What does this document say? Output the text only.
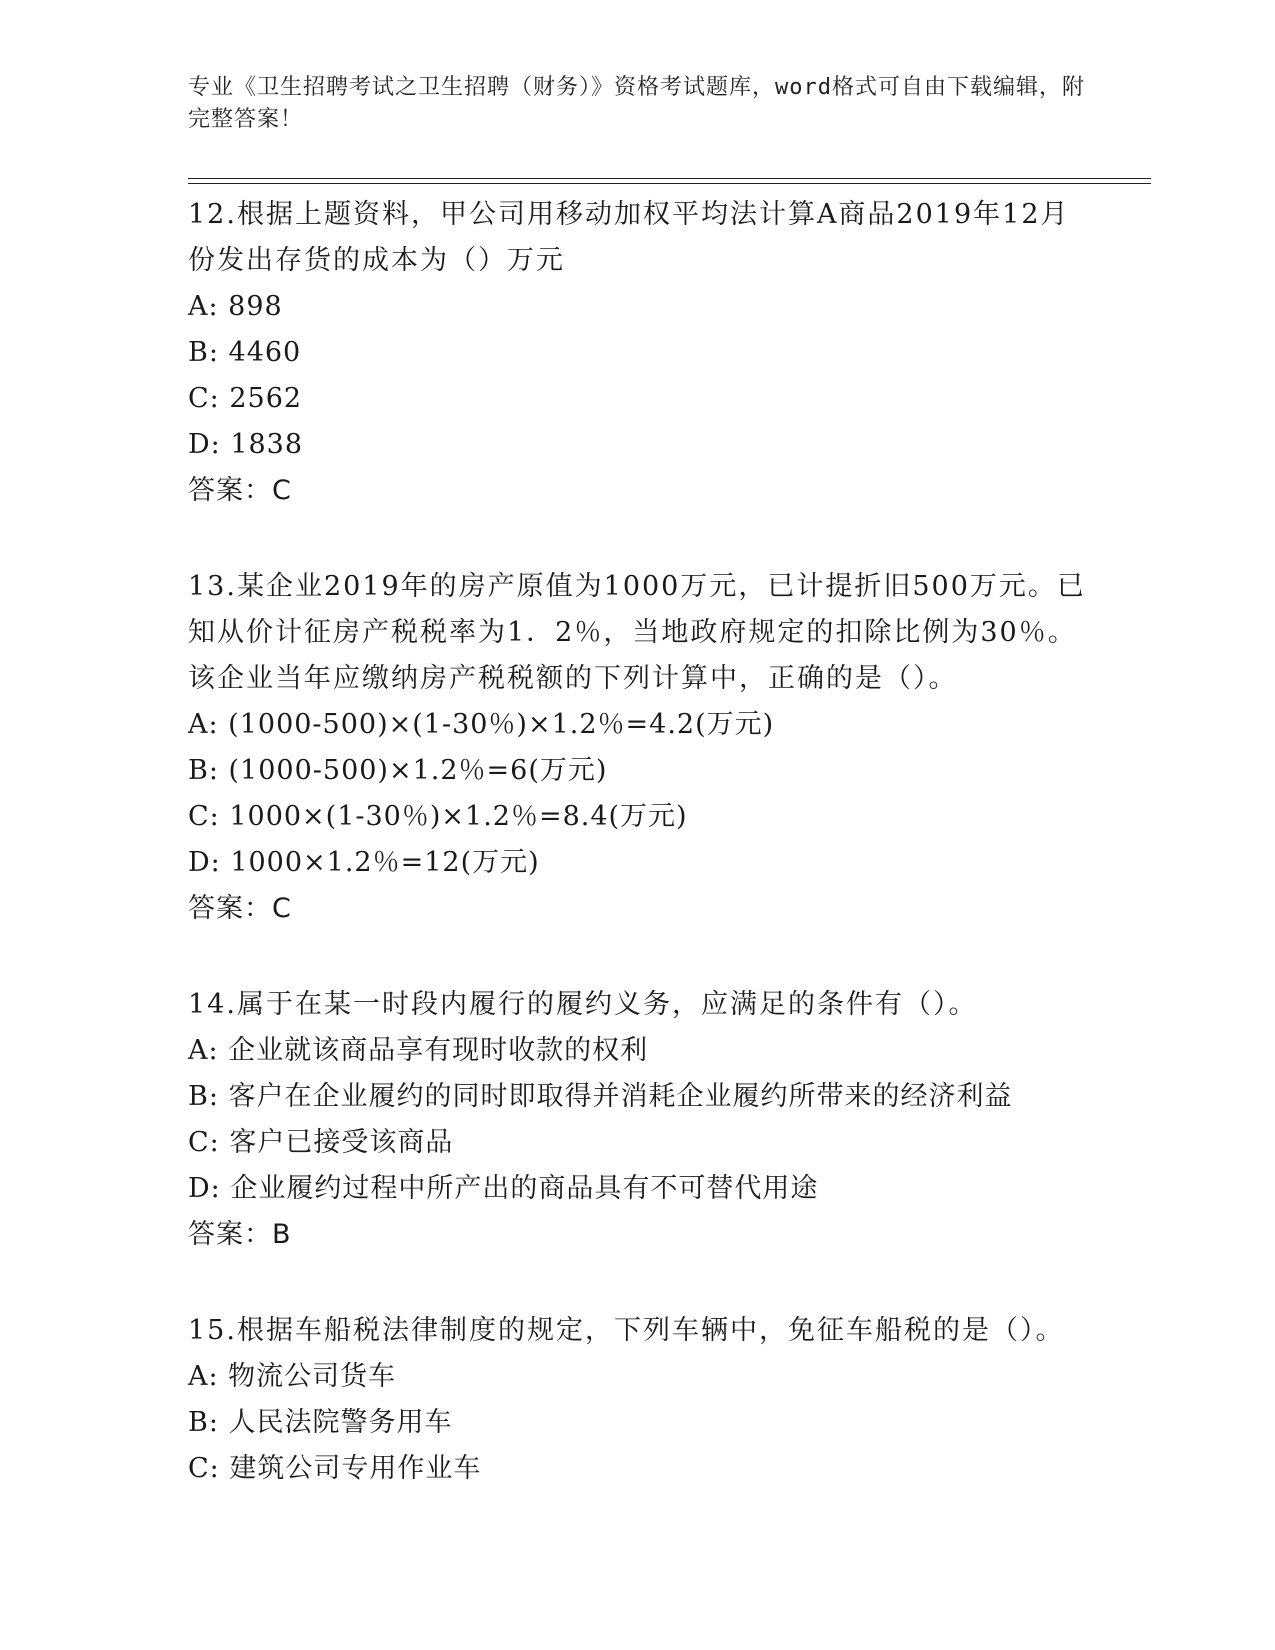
专业《卫生招聘考试之卫生招聘（财务）》资格考试题库，word格式可自由下载编辑，附完整答案！

12.根据上题资料，甲公司用移动加权平均法计算A商品2019年12月份发出存货的成本为（）万元

A: 898

B: 4460

C: 2562

D: 1838

答案：C

13.某企业2019年的房产原值为1000万元，已计提折旧500万元。已知从价计征房产税税率为1．2％，当地政府规定的扣除比例为30％。该企业当年应缴纳房产税税额的下列计算中，正确的是（）。

A: (1000-500)×(1-30％)×1.2％=4.2(万元)

B: (1000-500)×1.2％=6(万元)

C: 1000×(1-30％)×1.2％=8.4(万元)

D: 1000×1.2％=12(万元)

答案：C

14.属于在某一时段内履行的履约义务，应满足的条件有（）。

A: 企业就该商品享有现时收款的权利

B: 客户在企业履约的同时即取得并消耗企业履约所带来的经济利益

C: 客户已接受该商品

D: 企业履约过程中所产出的商品具有不可替代用途

答案：B

15.根据车船税法律制度的规定，下列车辆中，免征车船税的是（）。

A: 物流公司货车

B: 人民法院警务用车

C: 建筑公司专用作业车
